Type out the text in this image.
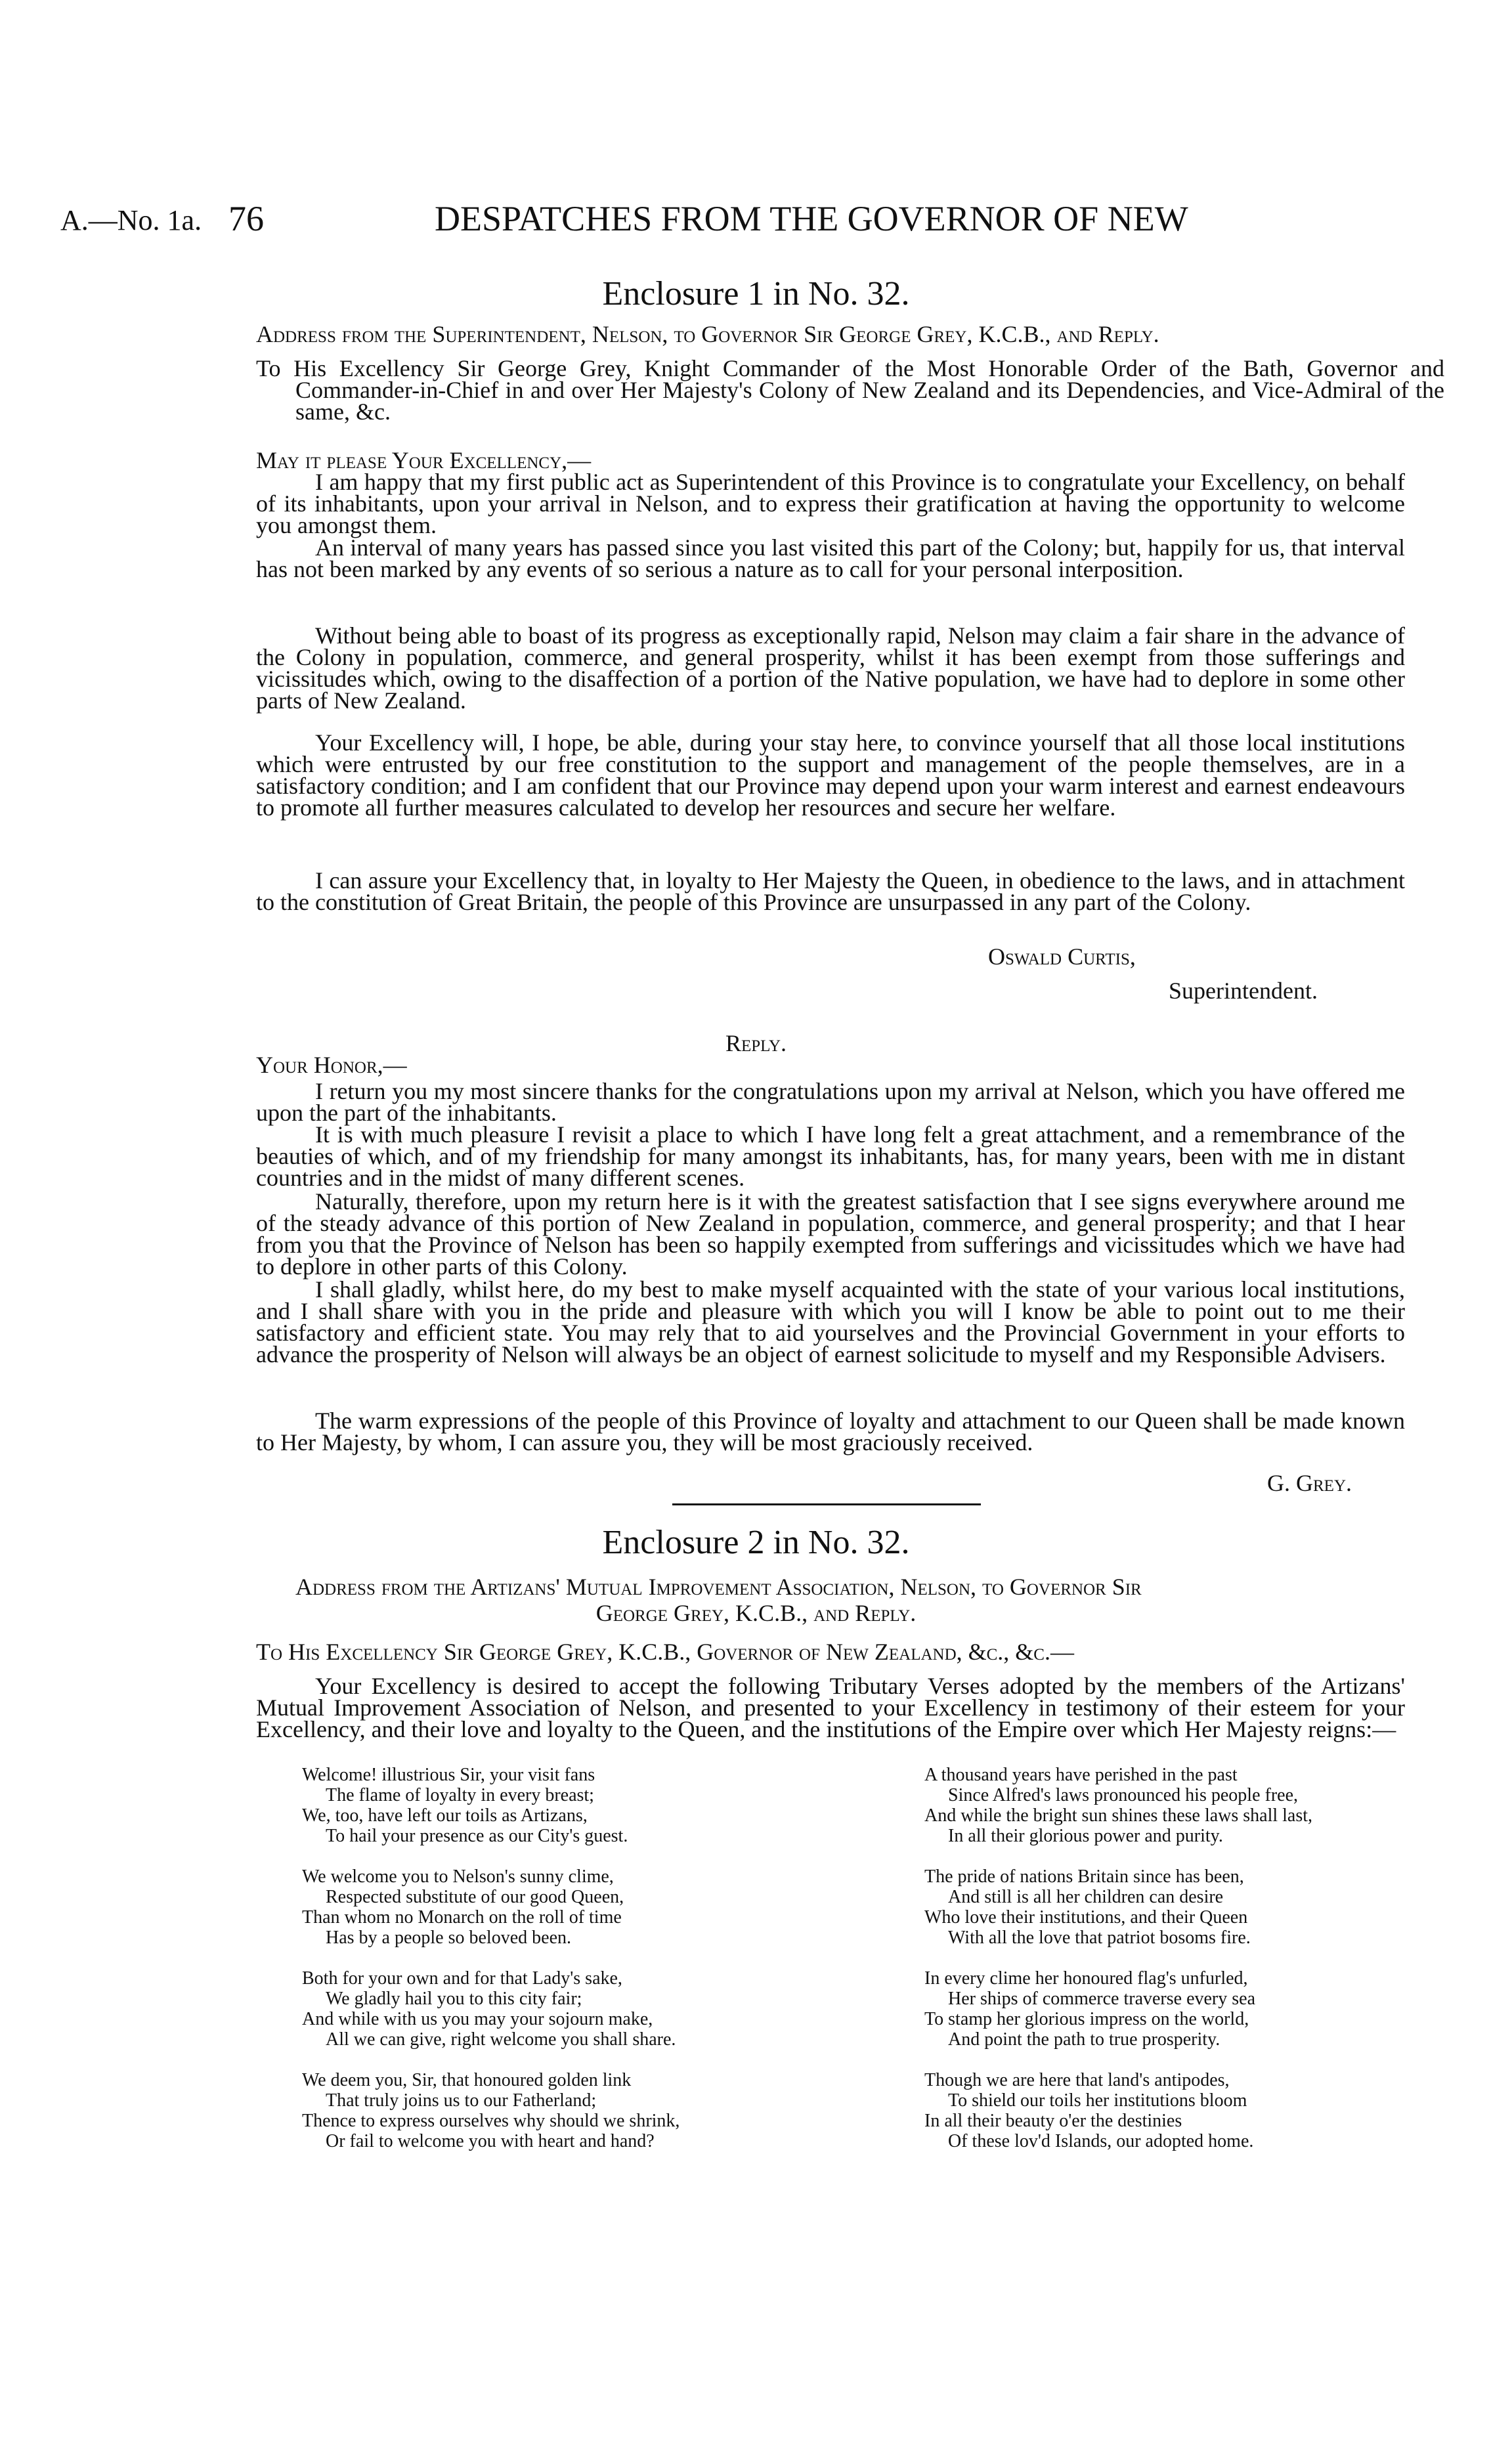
A.—No. 1a. 76	DESPATCHES FROM THE GOVERNOR OF NEW
Enclosure 1 in No. 32.
Address from the Superintendent, Nelson, to Governor Sir George Grey, K.C.B., and Reply.
To His Excellency Sir George Grey, Knight Commander of the Most Honorable Order of the Bath, Governor and Commander-in-Chief in and over Her Majesty's Colony of New Zealand and its Dependencies, and Vice-Admiral of the same, &c.
May it please Your Excellency,—
I am happy that my first public act as Superintendent of this Province is to congratulate your Excellency, on behalf of its inhabitants, upon your arrival in Nelson, and to express their gratification at having the opportunity to welcome you amongst them.
An interval of many years has passed since you last visited this part of the Colony; but, happily for us, that interval has not been marked by any events of so serious a nature as to call for your personal interposition.
Without being able to boast of its progress as exceptionally rapid, Nelson may claim a fair share in the advance of the Colony in population, commerce, and general prosperity, whilst it has been exempt from those sufferings and vicissitudes which, owing to the disaffection of a portion of the Native population, we have had to deplore in some other parts of New Zealand.
Your Excellency will, I hope, be able, during your stay here, to convince yourself that all those local institutions which were entrusted by our free constitution to the support and management of the people themselves, are in a satisfactory condition; and I am confident that our Province may depend upon your warm interest and earnest endeavours to promote all further measures calculated to develop her resources and secure her welfare.
I can assure your Excellency that, in loyalty to Her Majesty the Queen, in obedience to the laws, and in attachment to the constitution of Great Britain, the people of this Province are unsurpassed in any part of the Colony.
Oswald Curtis,
Superintendent.
Reply.
Your Honor,—
I return you my most sincere thanks for the congratulations upon my arrival at Nelson, which you have offered me upon the part of the inhabitants.
It is with much pleasure I revisit a place to which I have long felt a great attachment, and a remembrance of the beauties of which, and of my friendship for many amongst its inhabitants, has, for many years, been with me in distant countries and in the midst of many different scenes.
Naturally, therefore, upon my return here is it with the greatest satisfaction that I see signs everywhere around me of the steady advance of this portion of New Zealand in population, commerce, and general prosperity; and that I hear from you that the Province of Nelson has been so happily exempted from sufferings and vicissitudes which we have had to deplore in other parts of this Colony.
I shall gladly, whilst here, do my best to make myself acquainted with the state of your various local institutions, and I shall share with you in the pride and pleasure with which you will I know be able to point out to me their satisfactory and efficient state. You may rely that to aid yourselves and the Provincial Government in your efforts to advance the prosperity of Nelson will always be an object of earnest solicitude to myself and my Responsible Advisers.
The warm expressions of the people of this Province of loyalty and attachment to our Queen shall be made known to Her Majesty, by whom, I can assure you, they will be most graciously received.
G. Grey.
Enclosure 2 in No. 32.
Address from the Artizans' Mutual Improvement Association, Nelson, to Governor Sir
George Grey, K.C.B., and Reply.
To His Excellency Sir George Grey, K.C.B., Governor of New Zealand, &c., &c.—
Your Excellency is desired to accept the following Tributary Verses adopted by the members of the Artizans' Mutual Improvement Association of Nelson, and presented to your Excellency in testimony of their esteem for your Excellency, and their love and loyalty to the Queen, and the institutions of the Empire over which Her Majesty reigns:—
Welcome! illustrious Sir, your visit fans
The flame of loyalty in every breast;
We, too, have left our toils as Artizans,
To hail your presence as our City's guest.
We welcome you to Nelson's sunny clime,
Respected substitute of our good Queen,
Than whom no Monarch on the roll of time
Has by a people so beloved been.
Both for your own and for that Lady's sake,
We gladly hail you to this city fair;
And while with us you may your sojourn make,
All we can give, right welcome you shall share.
We deem you, Sir, that honoured golden link
That truly joins us to our Fatherland;
Thence to express ourselves why should we shrink,
Or fail to welcome you with heart and hand?
A thousand years have perished in the past
Since Alfred's laws pronounced his people free,
And while the bright sun shines these laws shall last,
In all their glorious power and purity.
The pride of nations Britain since has been,
And still is all her children can desire
Who love their institutions, and their Queen
With all the love that patriot bosoms fire.
In every clime her honoured flag's unfurled,
Her ships of commerce traverse every sea
To stamp her glorious impress on the world,
And point the path to true prosperity.
Though we are here that land's antipodes,
To shield our toils her institutions bloom
In all their beauty o'er the destinies
Of these lov'd Islands, our adopted home.
